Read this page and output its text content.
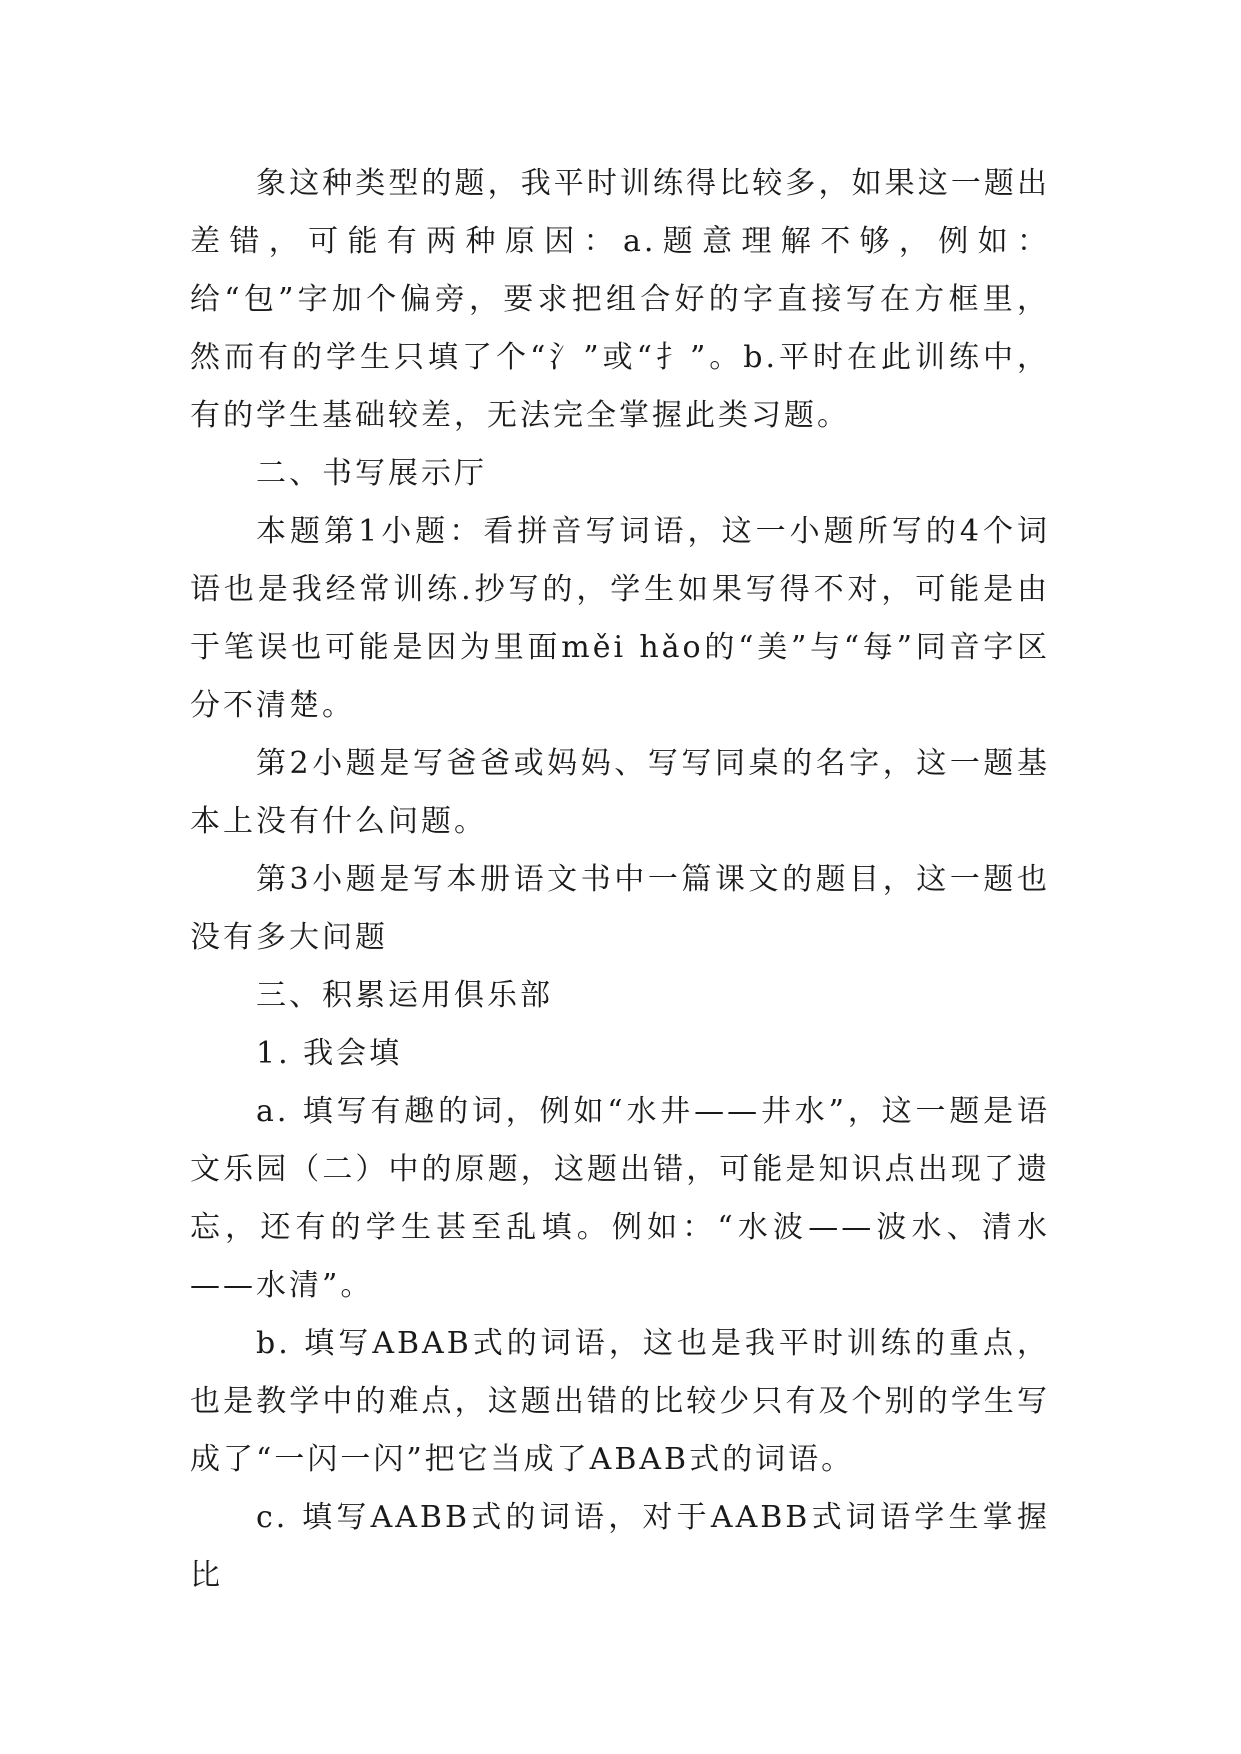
象这种类型的题，我平时训练得比较多，如果这一题出差错，可能有两种原因：a.题意理解不够，例如：给“包”字加个偏旁，要求把组合好的字直接写在方框里，然而有的学生只填了个“氵”或“扌”。b.平时在此训练中，有的学生基础较差，无法完全掌握此类习题。

二、书写展示厅

本题第1小题：看拼音写词语，这一小题所写的4个词语也是我经常训练.抄写的，学生如果写得不对，可能是由于笔误也可能是因为里面měi hǎo的“美”与“每”同音字区分不清楚。

第2小题是写爸爸或妈妈、写写同桌的名字，这一题基本上没有什么问题。

第3小题是写本册语文书中一篇课文的题目，这一题也没有多大问题

三、积累运用俱乐部

1. 我会填

a. 填写有趣的词，例如“水井——井水”，这一题是语文乐园（二）中的原题，这题出错，可能是知识点出现了遗忘，还有的学生甚至乱填。例如：“水波——波水、清水——水清”。

b. 填写ABAB式的词语，这也是我平时训练的重点，也是教学中的难点，这题出错的比较少只有及个别的学生写成了“一闪一闪”把它当成了ABAB式的词语。

c. 填写AABB式的词语，对于AABB式词语学生掌握比
